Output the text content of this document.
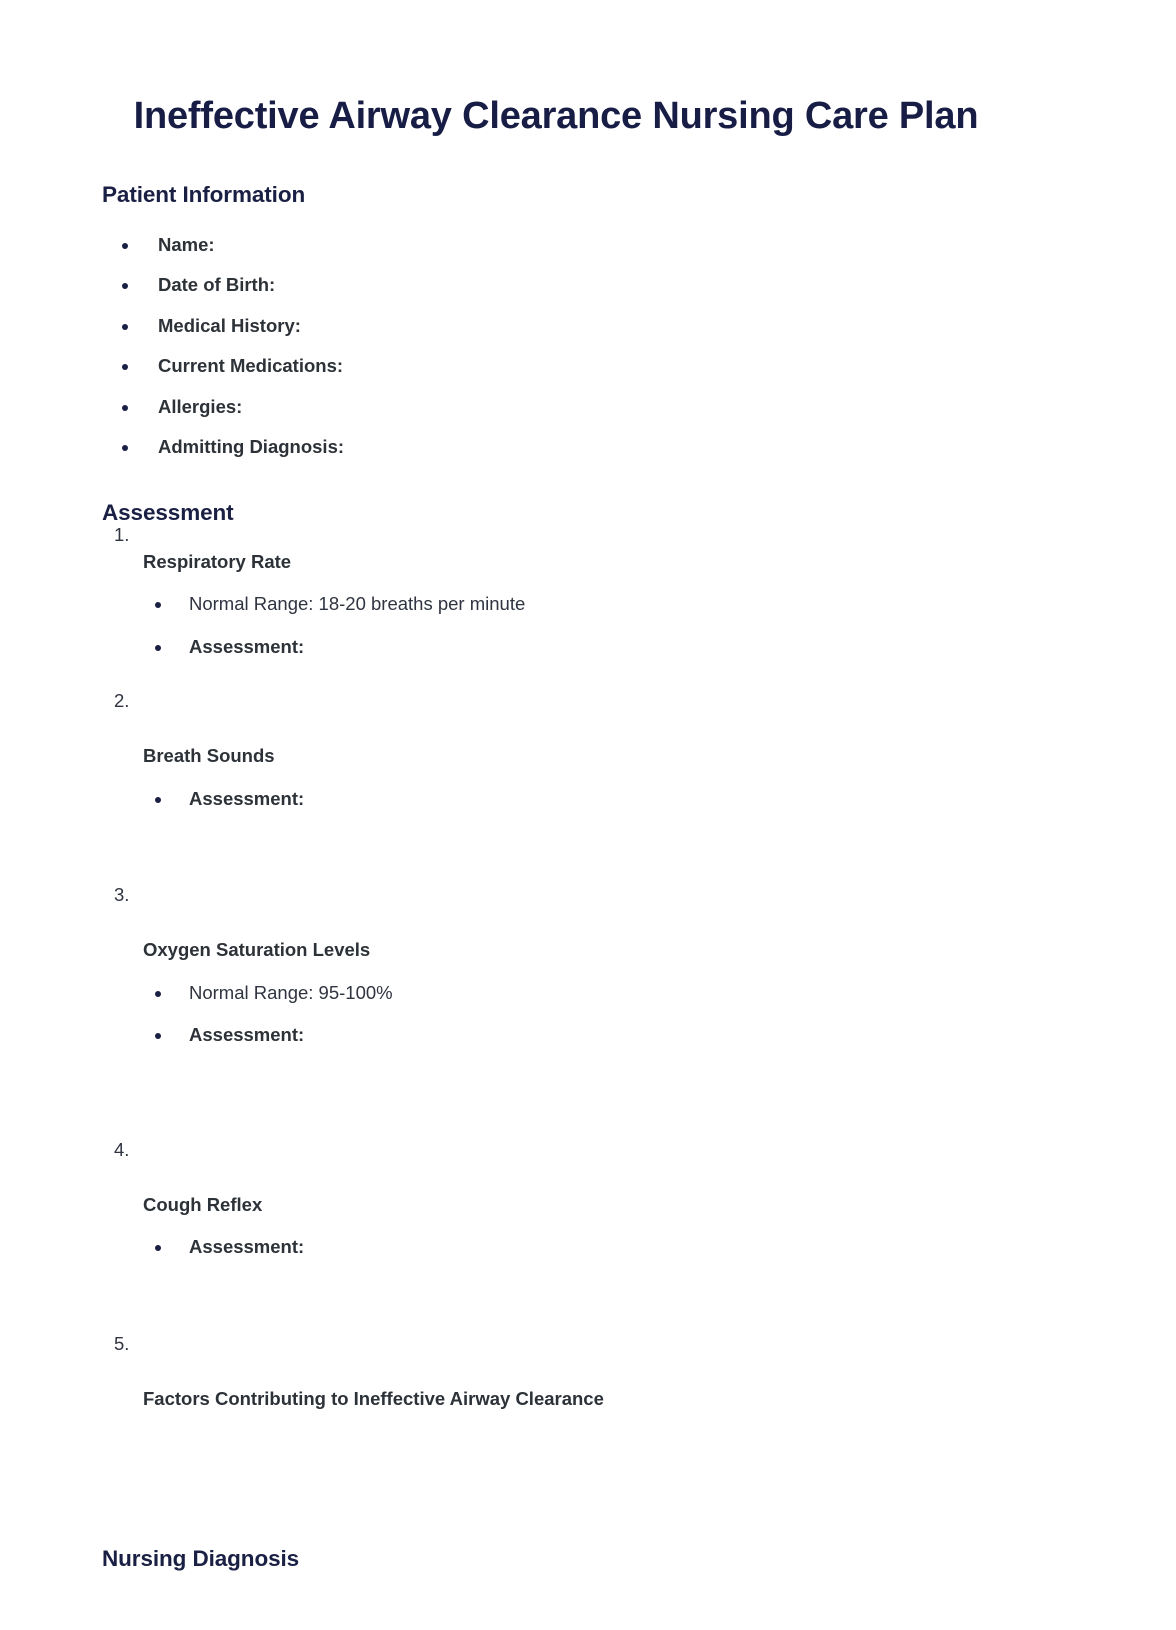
Ineffective Airway Clearance Nursing Care Plan
Patient Information
Name:
Date of Birth:
Medical History:
Current Medications:
Allergies:
Admitting Diagnosis:
Assessment
Respiratory Rate
Normal Range: 18-20 breaths per minute
Assessment:
Breath Sounds
Assessment:
Oxygen Saturation Levels
Normal Range: 95-100%
Assessment:
Cough Reflex
Assessment:
Factors Contributing to Ineffective Airway Clearance
Nursing Diagnosis
